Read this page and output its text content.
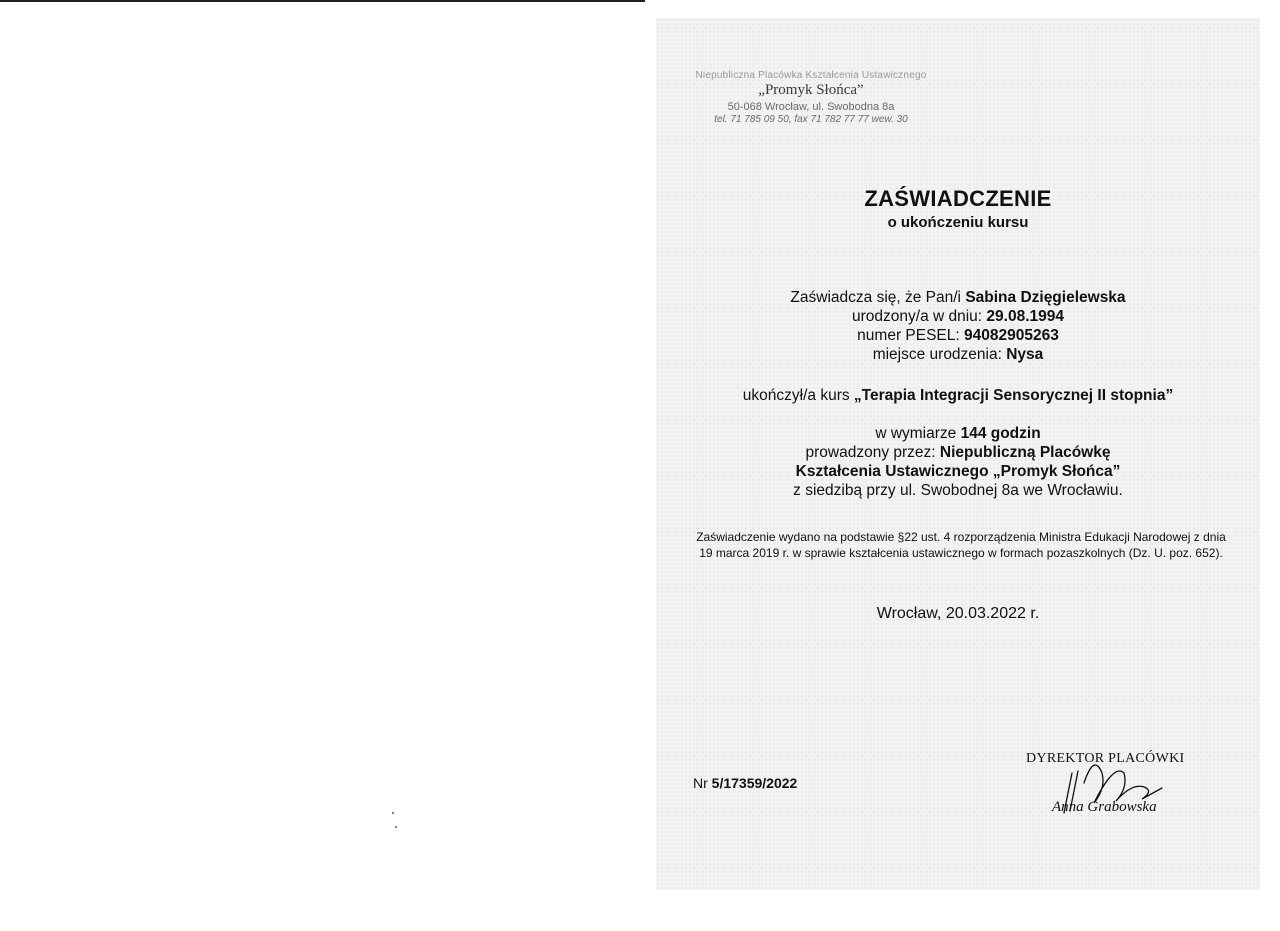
Niepubliczna Placówka Kształcenia Ustawicznego
„Promyk Słońca”
50-068 Wrocław, ul. Swobodna 8a
tel. 71 785 09 50, fax 71 782 77 77 wew. 30
ZAŚWIADCZENIE
o ukończeniu kursu
Zaświadcza się, że Pan/i Sabina Dzięgielewska
urodzony/a w dniu: 29.08.1994
numer PESEL: 94082905263
miejsce urodzenia: Nysa
ukończył/a kurs „Terapia Integracji Sensorycznej II stopnia”
w wymiarze 144 godzin
prowadzony przez: Niepubliczną Placówkę
Kształcenia Ustawicznego „Promyk Słońca”
z siedzibą przy ul. Swobodnej 8a we Wrocławiu.
Zaświadczenie wydano na podstawie §22 ust. 4 rozporządzenia Ministra Edukacji Narodowej z dnia 19 marca 2019 r. w sprawie kształcenia ustawicznego w formach pozaszkolnych (Dz. U. poz. 652).
Wrocław, 20.03.2022 r.
Nr 5/17359/2022
DYREKTOR PLACÓWKI
Anna Grabowska
